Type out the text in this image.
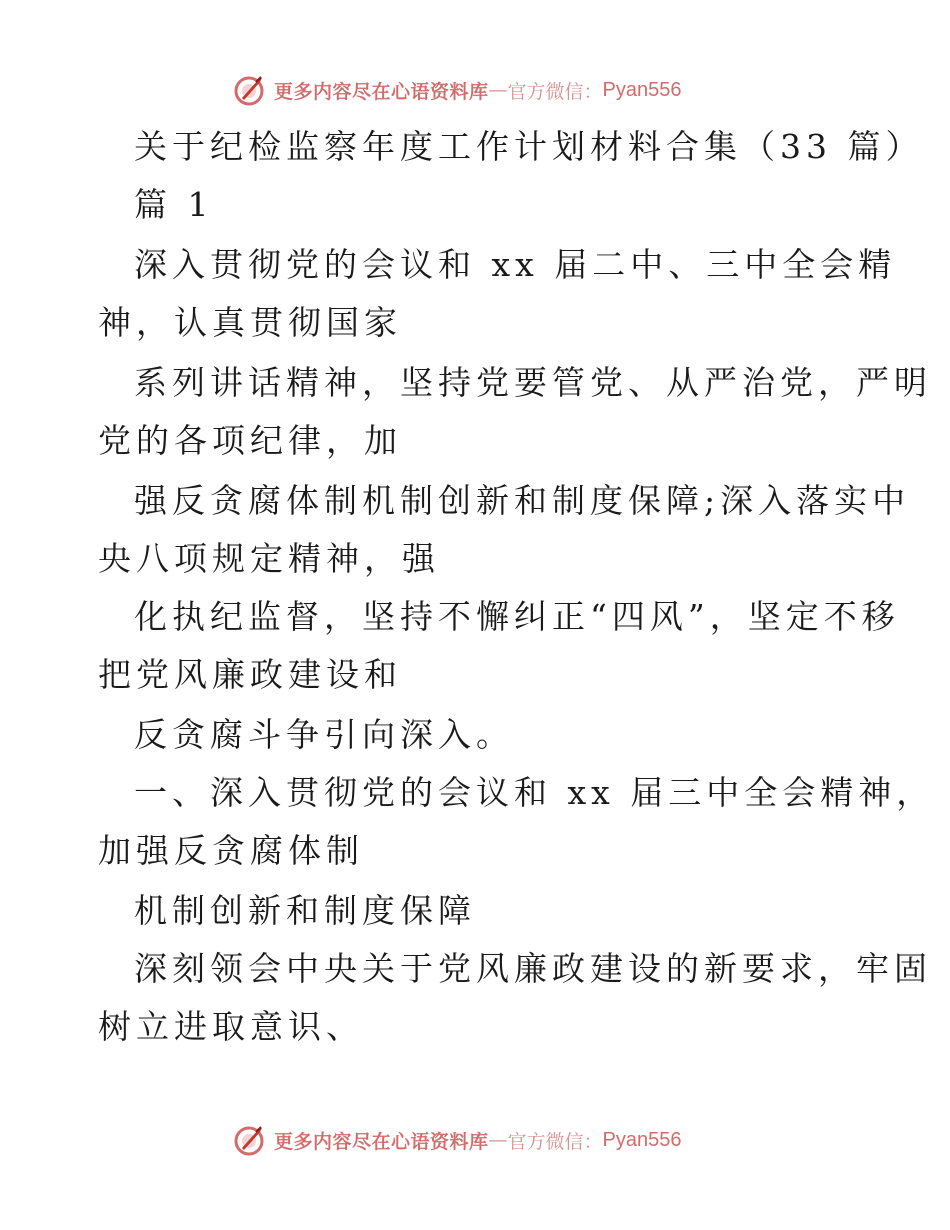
更多内容尽在心语资料库 — 官方微信： Pyan556
关于纪检监察年度工作计划材料合集（33 篇）
篇 1
深入贯彻党的会议和 xx 届二中、三中全会精
神，认真贯彻国家
系列讲话精神，坚持党要管党、从严治党，严明
党的各项纪律，加
强反贪腐体制机制创新和制度保障;深入落实中
央八项规定精神，强
化执纪监督，坚持不懈纠正“四风”，坚定不移
把党风廉政建设和
反贪腐斗争引向深入。
一、深入贯彻党的会议和 xx 届三中全会精神，
加强反贪腐体制
机制创新和制度保障
深刻领会中央关于党风廉政建设的新要求，牢固
树立进取意识、
更多内容尽在心语资料库 — 官方微信： Pyan556
